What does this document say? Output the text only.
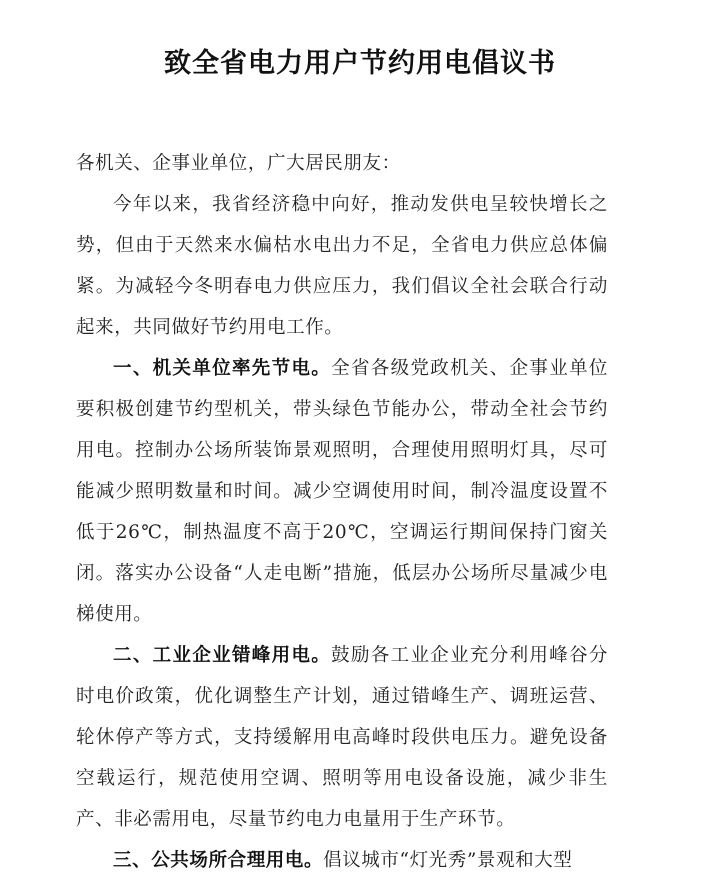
致全省电力用户节约用电倡议书

各机关、企事业单位，广大居民朋友：

今年以来，我省经济稳中向好，推动发供电呈较快增长之势，但由于天然来水偏枯水电出力不足，全省电力供应总体偏紧。为减轻今冬明春电力供应压力，我们倡议全社会联合行动起来，共同做好节约用电工作。

一、机关单位率先节电。全省各级党政机关、企事业单位要积极创建节约型机关，带头绿色节能办公，带动全社会节约用电。控制办公场所装饰景观照明，合理使用照明灯具，尽可能减少照明数量和时间。减少空调使用时间，制冷温度设置不低于26℃，制热温度不高于20℃，空调运行期间保持门窗关闭。落实办公设备“人走电断”措施，低层办公场所尽量减少电梯使用。

二、工业企业错峰用电。鼓励各工业企业充分利用峰谷分时电价政策，优化调整生产计划，通过错峰生产、调班运营、轮休停产等方式，支持缓解用电高峰时段供电压力。避免设备空载运行，规范使用空调、照明等用电设备设施，减少非生产、非必需用电，尽量节约电力电量用于生产环节。

三、公共场所合理用电。倡议城市“灯光秀”景观和大型
